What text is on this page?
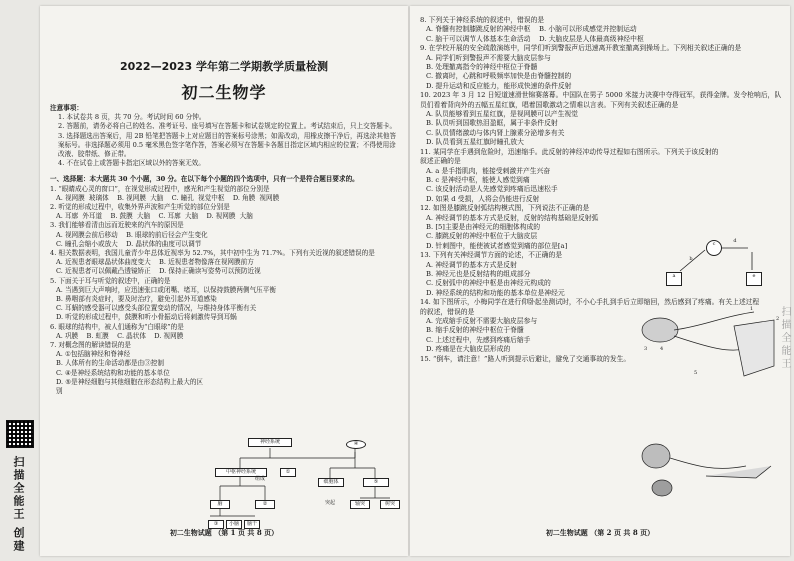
2022—2023 学年第二学期教学质量检测
初二生物学

注意事项：

1. 本试卷共 8 页，共 70 分。考试时间 60 分钟。

2. 答题前，请务必将自己的姓名、准考证号、座号填写在答题卡和试卷规定的位置上。考试结束后，只上交答题卡。

3. 选择题选出答案后，用 2B 铅笔把答题卡上对应题目的答案标号涂黑；如需改动，用橡皮擦干净后，再选涂其他答案标号。非选择题必须用 0.5 毫米黑色签字笔作答，答案必须写在答题卡各题目指定区域内相应的位置；不得使用涂改液、胶带纸、修正带。

4. 不在试卷上或答题卡指定区域以外的答案无效。

一、选择题：本大题共 30 个小题，30 分。在以下每个小题的四个选项中，只有一个是符合题目要求的。

1. “眼睛成心灵的窗口”，在视觉形成过程中，感光和产生视觉的部位分别是

A. 视网膜  玻璃体    B. 视网膜  大脑    C. 瞳孔  视觉中枢    D. 角膜  视网膜

2. 听觉的形成过程中，收集外界声波和产生听觉的部位分别是

A. 耳廓  外耳道    B. 鼓膜  大脑    C. 耳廓  大脑    D. 视网膜  大脑

3. 我们能够看清由远而近驶来的汽车的原因是

A. 视网膜会前后移动    B. 眼球的前后径会产生变化
C. 瞳孔会缩小或放大    D. 晶状体的曲度可以调节

4. 相关数据表明，我国儿童青少年总体近视率为 52.7%，其中初中生为 71.7%。下列有关近视的叙述错误的是

A. 近视患者眼球晶状体曲度变大    B. 近视患者物像落在视网膜前方
C. 近视患者可以佩戴凸透镜矫正    D. 保持正确读写姿势可以预防近视

5. 下面关于耳与听觉的叙述中，正确的是

A. 当遇到巨大声响时，应迅速张口或闭嘴、堵耳，以保持鼓膜两侧气压平衡
B. 鼻咽部有炎症时，要及时治疗，避免引起外耳道感染
C. 耳蜗的感受器可以感受头部位置变动的情况，与维持身体平衡有关
D. 听觉的形成过程中，鼓膜和听小骨振动后将刺激传导到耳蜗

6. 眼球的结构中，被人们通称为“白眼球”的是

A. 巩膜    B. 虹膜    C. 晶状体    D. 视网膜

7. 对概念图的解读错误的是

A. ①包括脑神经和脊神经
B. 人体所有的生命活动都是由③控制
C. ④是神经系统结构和功能的基本单位
D. ⑤是神经细胞与其他细胞在形态结构上最大的区别

神经系统	④
中枢神经系统	①
组成
脑	②
③	小脑	脑干
细胞体	⑤
轴突	树突
突起
初二生物试题 （第 1 页 共 8 页）
扫描全能王 创建

8. 下列关于神经系统的叙述中，错误的是

A. 脊髓有控制膝跳反射的神经中枢    B. 小脑可以形成感觉并控制运动
C. 脑干可以调节人体基本生命活动    D. 大脑皮层是人体最高级神经中枢

9. 在学校开展的安全疏散演练中，同学们听到警报声后迅速离开教室撤离到操场上。下列相关叙述正确的是

A. 同学们听到警报声不需要大脑皮层参与
B. 处理撤离指令的神经中枢位于脊髓
C. 撤离时，心跳和呼吸频率加快是由脊髓控制的
D. 提升运动和反应能力，能形成快速的条件反射

10. 2023 年 3 月 12 日短道速滑世锦赛落幕。中国队在男子 5000 米接力决赛中夺得冠军，获得金牌。发令枪响后，队员们看着背向外的五幅五星红旗，唱着国歌激动之情难以言表。下列有关叙述正确的是

A. 队员能够看到五星红旗，是视网膜可以产生视觉
B. 队员听到国歌热泪盈眶，属于非条件反射
C. 队员情绪激动与体内肾上腺素分泌增多有关
D. 队员看到五星红旗时瞳孔放大

11. 某同学在手遇到危险时，迅速缩手。此反射的神经冲动传导过程如右图所示。下列关于该反射的叙述正确的是

A. a 是手指肌肉，能接受刺激并产生兴奋
B. c 是神经中枢，能使人感觉到痛
C. 该反射活动是人先感觉到疼痛后迅速松手
D. 如果 d 受损，人将会仍能进行反射

12. 如图是膝跳反射弧结构模式图，下列说法不正确的是

A. 神经调节的基本方式是反射，反射的结构基础是反射弧
B. [5]主要是由神经元的细胞体构成的
C. 膝跳反射的神经中枢位于大脑皮层
D. 针刺图中，能使被试者感觉到痛的部位是[a]

13. 下列有关神经调节方面的论述，不正确的是

A. 神经调节的基本方式是反射
B. 神经元也是反射结构的组成部分
C. 反射弧中的神经中枢是由神经元构成的
D. 神经系统的结构和功能的基本单位是神经元

14. 如下图所示，小梅同学在进行仰卧起坐测试时，不小心手扎到手后立即缩回，然后感到了疼痛。有关上述过程的叙述，错误的是

A. 完成缩手反射不需要大脑皮层参与
B. 缩手反射的神经中枢位于脊髓
C. 上述过程中，先感到疼痛后缩手
D. 疼痛是在大脑皮层形成的

15. “倒车，请注意！”路人听到提示后避让，避免了交通事故的发生。

a
b
c	d
e
1
2
3	4
5
扫描全能王
初二生物试题 （第 2 页 共 8 页）
